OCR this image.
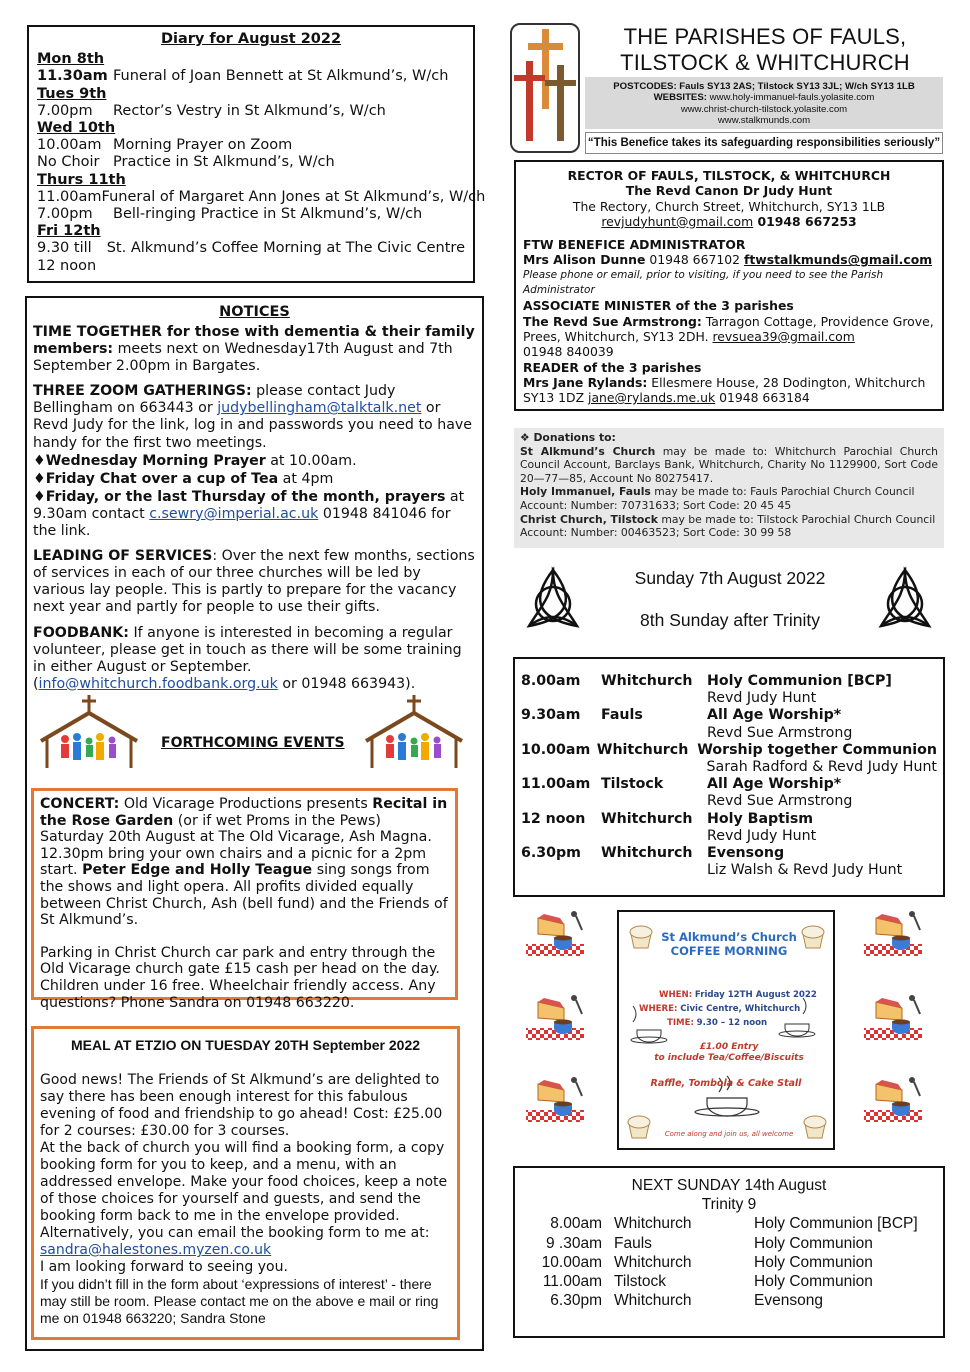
Diary for August 2022
Mon 8th
11.30am Funeral of Joan Bennett at St Alkmund’s, W/ch
Tues 9th
7.00pm	Rector’s Vestry in St Alkmund’s, W/ch
Wed 10th
10.00am Morning Prayer on Zoom
No Choir Practice in St Alkmund’s, W/ch
Thurs 11th
11.00am Funeral of Margaret Ann Jones at St Alkmund’s, W/ch
7.00pm	Bell-ringing Practice in St Alkmund’s, W/ch
Fri 12th
9.30 till	St. Alkmund’s Coffee Morning at The Civic Centre
12 noon
NOTICES

TIME TOGETHER for those with dementia & their family members: meets next on Wednesday17th August and 7th September 2.00pm in Bargates.

THREE ZOOM GATHERINGS: please contact Judy Bellingham on 663443 or judybellingham@talktalk.net or Revd Judy for the link, log in and passwords you need to have handy for the first two meetings.

♦Wednesday Morning Prayer at 10.00am.

♦Friday Chat over a cup of Tea at 4pm

♦Friday, or the last Thursday of the month, prayers at 9.30am contact c.sewry@imperial.ac.uk 01948 841046 for the link.

LEADING OF SERVICES: Over the next few months, sections of services in each of our three churches will be led by various lay people. This is partly to prepare for the vacancy next year and partly for people to use their gifts.

FOODBANK: If anyone is interested in becoming a regular volunteer, please get in touch as there will be some training in either August or September.
(info@whitchurch.foodbank.org.uk or 01948 663943).

FORTHCOMING EVENTS

CONCERT: Old Vicarage Productions presents Recital in the Rose Garden (or if wet Proms in the Pews) Saturday 20th August at The Old Vicarage, Ash Magna. 12.30pm bring your own chairs and a picnic for a 2pm start. Peter Edge and Holly Teague sing songs from the shows and light opera. All profits divided equally between Christ Church, Ash (bell fund) and the Friends of St Alkmund’s.

Parking in Christ Church car park and entry through the Old Vicarage church gate £15 cash per head on the day. Children under 16 free. Wheelchair friendly access. Any questions? Phone Sandra on 01948 663220.

MEAL AT ETZIO ON TUESDAY 20TH September 2022

Good news! The Friends of St Alkmund’s are delighted to say there has been enough interest for this fabulous evening of food and friendship to go ahead! Cost: £25.00 for 2 courses: £30.00 for 3 courses.

At the back of church you will find a booking form, a copy booking form for you to keep, and a menu, with an addressed envelope. Make your food choices, keep a note of those choices for yourself and guests, and send the booking form back to me in the envelope provided. Alternatively, you can email the booking form to me at:

sandra@halestones.myzen.co.uk

I am looking forward to seeing you.

If you didn’t fill in the form about ‘expressions of interest’ - there may still be room. Please contact me on the above e mail or ring me on 01948 663220; Sandra Stone

THE PARISHES OF FAULS,
TILSTOCK & WHITCHURCH
POSTCODES: Fauls SY13 2AS; Tilstock SY13 3JL; W/ch SY13 1LB
WEBSITES: www.holy-immanuel-fauls.yolasite.com
www.christ-church-tilstock.yolasite.com
www.stalkmunds.com
“This Benefice takes its safeguarding responsibilities seriously”
RECTOR OF FAULS, TILSTOCK, & WHITCHURCH
The Revd Canon Dr Judy Hunt
The Rectory, Church Street, Whitchurch, SY13 1LB
revjudyhunt@gmail.com 01948 667253
FTW BENEFICE ADMINISTRATOR
Mrs Alison Dunne 01948 667102 ftwstalkmunds@gmail.com
Please phone or email, prior to visiting, if you need to see the Parish Administrator
ASSOCIATE MINISTER of the 3 parishes
The Revd Sue Armstrong: Tarragon Cottage, Providence Grove, Prees, Whitchurch, SY13 2DH. revsuea39@gmail.com
01948 840039
READER of the 3 parishes
Mrs Jane Rylands: Ellesmere House, 28 Dodington, Whitchurch SY13 1DZ jane@rylands.me.uk 01948 663184
❖ Donations to:
St Alkmund’s Church may be made to: Whitchurch Parochial Church Council Account, Barclays Bank, Whitchurch, Charity No 1129900, Sort Code 20—77—85, Account No 80275417.
Holy Immanuel, Fauls may be made to: Fauls Parochial Church Council Account: Number: 70731633; Sort Code: 20 45 45
Christ Church, Tilstock may be made to: Tilstock Parochial Church Council Account: Number: 00463523; Sort Code: 30 99 58
Sunday 7th August 2022
8th Sunday after Trinity
8.00am	Whitchurch	Holy Communion [BCP]
Revd Judy Hunt
9.30am	Fauls	All Age Worship*
Revd Sue Armstrong
10.00am Whitchurch Worship together Communion
Sarah Radford & Revd Judy Hunt
11.00am Tilstock	All Age Worship*
Revd Sue Armstrong
12 noon	Whitchurch	Holy Baptism
Revd Judy Hunt
6.30pm	Whitchurch	Evensong
Liz Walsh & Revd Judy Hunt
St Alkmund’s Church
COFFEE MORNING
WHEN: Friday 12TH August 2022
WHERE: Civic Centre, Whitchurch
TIME: 9.30 – 12 noon
£1.00 Entry
to include Tea/Coffee/Biscuits
Raffle, Tombola & Cake Stall
Come along and join us, all welcome
NEXT SUNDAY 14th August
Trinity 9
8.00am Whitchurch	Holy Communion [BCP]
9 .30am Fauls	Holy Communion
10.00am Whitchurch	Holy Communion
11.00am Tilstock	Holy Communion
6.30pm Whitchurch	Evensong
